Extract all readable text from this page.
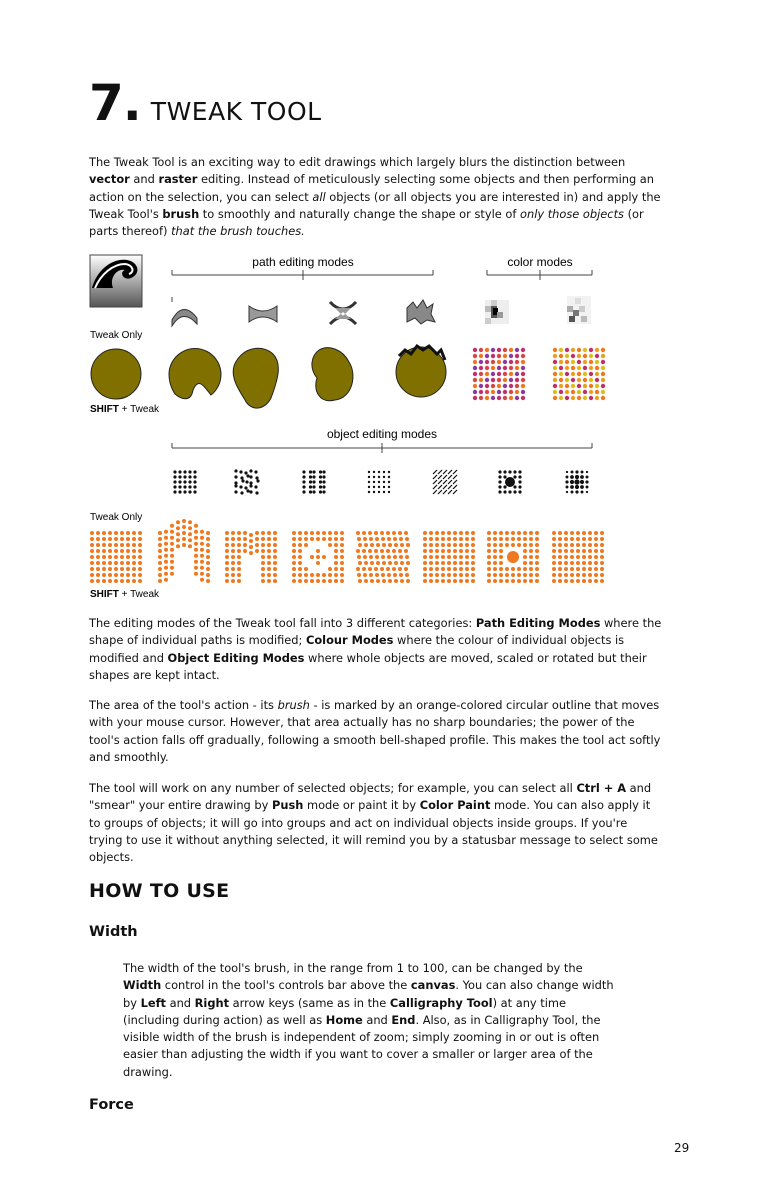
7. TWEAK TOOL

The Tweak Tool is an exciting way to edit drawings which largely blurs the distinction between vector and raster editing. Instead of meticulously selecting some objects and then performing an action on the selection, you can select all objects (or all objects you are interested in) and apply the Tweak Tool's brush to smoothly and naturally change the shape or style of only those objects (or parts thereof) that the brush touches.

path editing modes	color modes
Tweak Only
SHIFT + Tweak
object editing modes
Tweak Only
SHIFT + Tweak

The editing modes of the Tweak tool fall into 3 different categories: Path Editing Modes where the shape of individual paths is modified; Colour Modes where the colour of individual objects is modified and Object Editing Modes where whole objects are moved, scaled or rotated but their shapes are kept intact.

The area of the tool's action - its brush - is marked by an orange-colored circular outline that moves with your mouse cursor. However, that area actually has no sharp boundaries; the power of the tool's action falls off gradually, following a smooth bell-shaped profile. This makes the tool act softly and smoothly.

The tool will work on any number of selected objects; for example, you can select all Ctrl + A and "smear" your entire drawing by Push mode or paint it by Color Paint mode. You can also apply it to groups of objects; it will go into groups and act on individual objects inside groups. If you're trying to use it without anything selected, it will remind you by a statusbar message to select some objects.

HOW TO USE
Width

The width of the tool's brush, in the range from 1 to 100, can be changed by the Width control in the tool's controls bar above the canvas. You can also change width by Left and Right arrow keys (same as in the Calligraphy Tool) at any time (including during action) as well as Home and End. Also, as in Calligraphy Tool, the visible width of the brush is independent of zoom; simply zooming in or out is often easier than adjusting the width if you want to cover a smaller or larger area of the drawing.

Force
29
